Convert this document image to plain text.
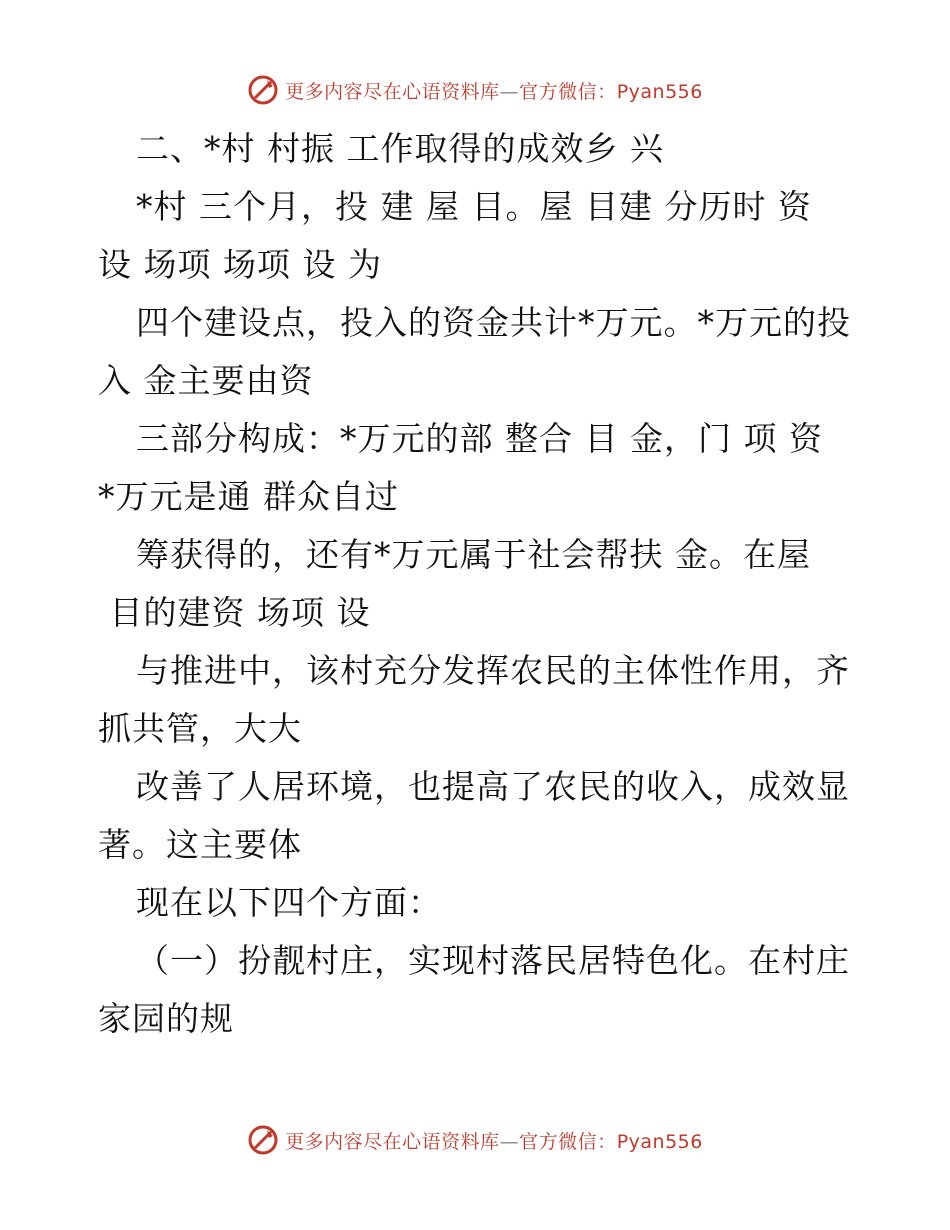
更多内容尽在心语资料库—官方微信：Pyan556
二、*村 村振 工作取得的成效乡 兴
*村 三个月，投 建 屋 目。屋 目建 分历时 资
设 场项 场项 设 为
四个建设点，投入的资金共计*万元。*万元的投
入 金主要由资
三部分构成：*万元的部 整合 目 金，门 项 资
*万元是通 群众自过
筹获得的，还有*万元属于社会帮扶 金。在屋
目的建资 场项 设
与推进中，该村充分发挥农民的主体性作用，齐
抓共管，大大
改善了人居环境，也提高了农民的收入，成效显
著。这主要体
现在以下四个方面：
（一）扮靓村庄，实现村落民居特色化。在村庄
家园的规
更多内容尽在心语资料库—官方微信：Pyan556
